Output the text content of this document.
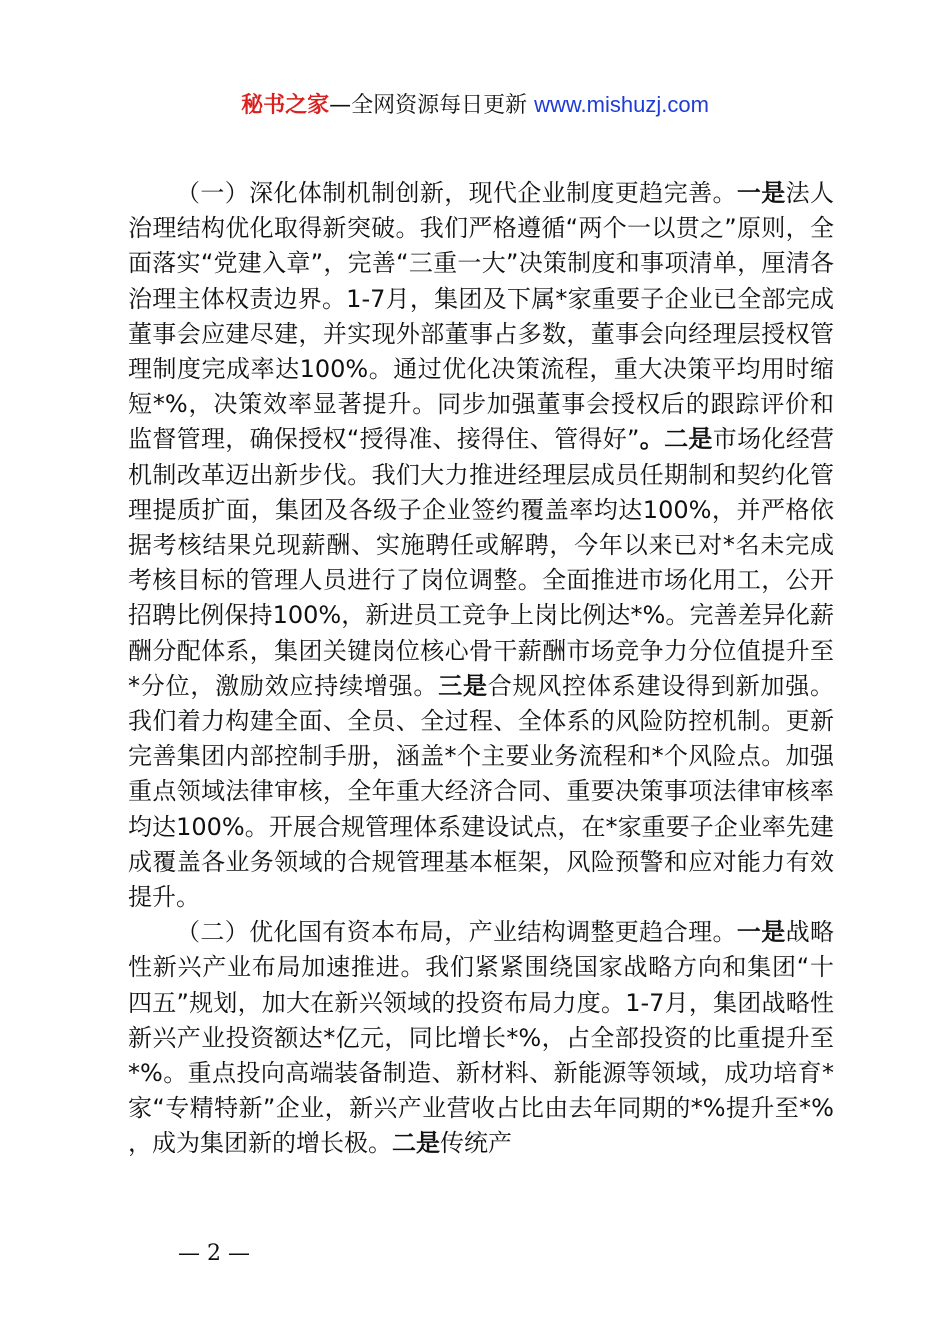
秘书之家—全网资源每日更新 www.mishuzj.com

（一）深化体制机制创新，现代企业制度更趋完善。一是法人治理结构优化取得新突破。我们严格遵循“两个一以贯之”原则，全面落实“党建入章”，完善“三重一大”决策制度和事项清单，厘清各治理主体权责边界。1-7月，集团及下属*家重要子企业已全部完成董事会应建尽建，并实现外部董事占多数，董事会向经理层授权管理制度完成率达100%。通过优化决策流程，重大决策平均用时缩短*%，决策效率显著提升。同步加强董事会授权后的跟踪评价和监督管理，确保授权“授得准、接得住、管得好”。二是市场化经营机制改革迈出新步伐。我们大力推进经理层成员任期制和契约化管理提质扩面，集团及各级子企业签约覆盖率均达100%，并严格依据考核结果兑现薪酬、实施聘任或解聘，今年以来已对*名未完成考核目标的管理人员进行了岗位调整。全面推进市场化用工，公开招聘比例保持100%，新进员工竞争上岗比例达*%。完善差异化薪酬分配体系，集团关键岗位核心骨干薪酬市场竞争力分位值提升至*分位，激励效应持续增强。三是合规风控体系建设得到新加强。我们着力构建全面、全员、全过程、全体系的风险防控机制。更新完善集团内部控制手册，涵盖*个主要业务流程和*个风险点。加强重点领域法律审核，全年重大经济合同、重要决策事项法律审核率均达100%。开展合规管理体系建设试点，在*家重要子企业率先建成覆盖各业务领域的合规管理基本框架，风险预警和应对能力有效提升。

（二）优化国有资本布局，产业结构调整更趋合理。一是战略性新兴产业布局加速推进。我们紧紧围绕国家战略方向和集团“十四五”规划，加大在新兴领域的投资布局力度。1-7月，集团战略性新兴产业投资额达*亿元，同比增长*%，占全部投资的比重提升至*%。重点投向高端装备制造、新材料、新能源等领域，成功培育*家“专精特新”企业，新兴产业营收占比由去年同期的*%提升至*%，成为集团新的增长极。二是传统产

— 2 —
